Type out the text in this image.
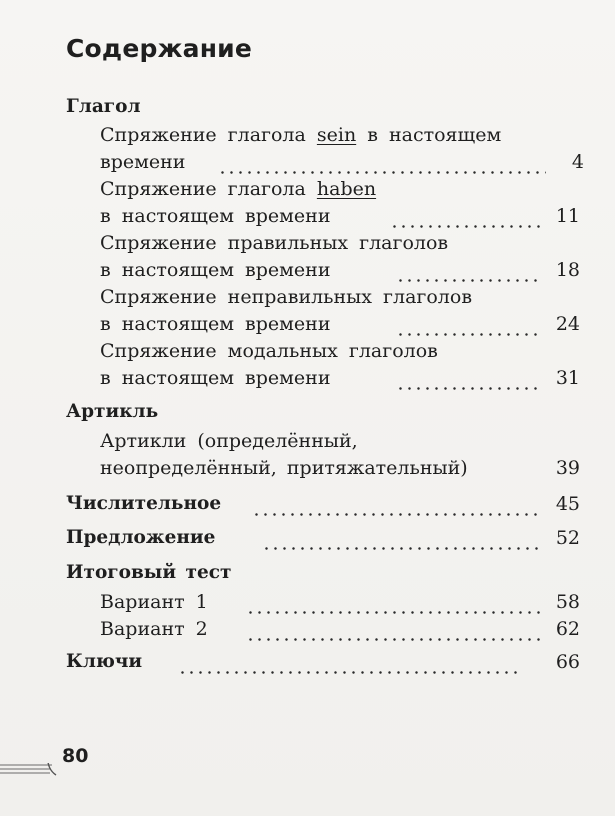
Содержание
Глагол
Спряжение глагола sein в настоящем
времени	4
Спряжение глагола haben
в настоящем времени	11
Спряжение правильных глаголов
в настоящем времени	18
Спряжение неправильных глаголов
в настоящем времени	24
Спряжение модальных глаголов
в настоящем времени	31
Артикль
Артикли (определённый,
неопределённый, притяжательный)	39
Числительное	45
Предложение	52
Итоговый тест
Вариант 1	58
Вариант 2	62
Ключи	66
80
